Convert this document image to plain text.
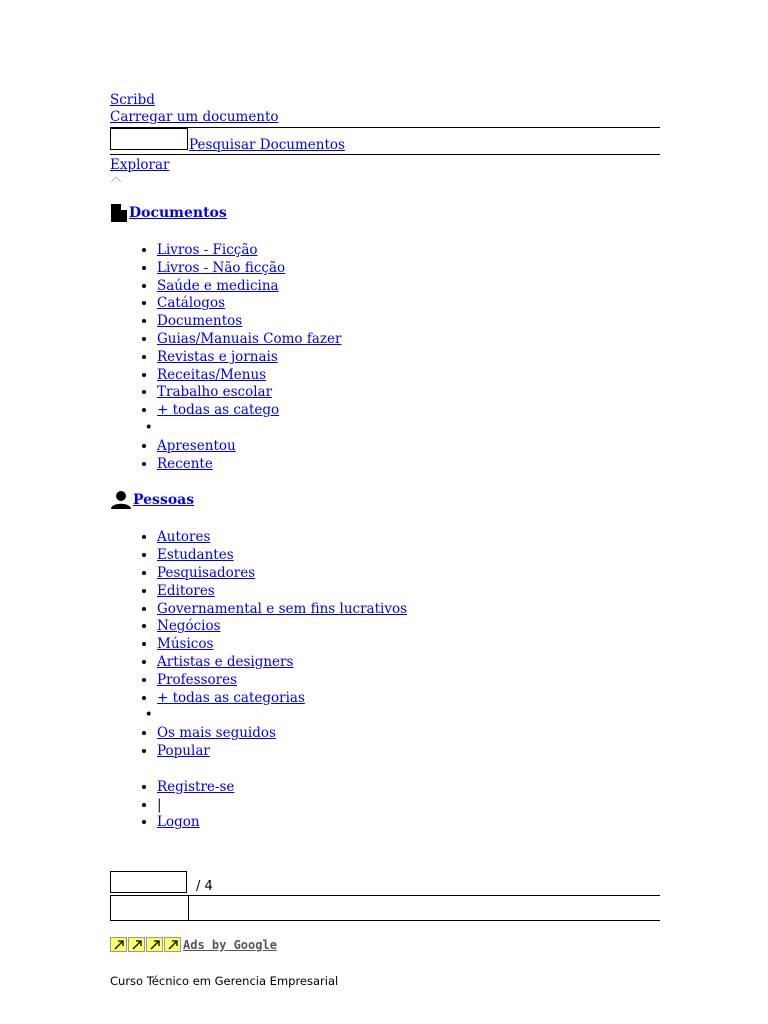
Scribd
Carregar um documento
Pesquisar Documentos
Explorar
Documentos
• Livros - Ficção
• Livros - Não ficção
• Saúde e medicina
• Catálogos
• Documentos
• Guias/Manuais Como fazer
• Revistas e jornais
• Receitas/Menus
• Trabalho escolar
• + todas as catego
•
• Apresentou
• Recente
Pessoas
• Autores
• Estudantes
• Pesquisadores
• Editores
• Governamental e sem fins lucrativos
• Negócios
• Músicos
• Artistas e designers
• Professores
• + todas as categorias
•
• Os mais seguidos
• Popular
• Registre-se
• |
• Logon
/ 4
Ads by Google
Curso Técnico em Gerencia Empresarial
